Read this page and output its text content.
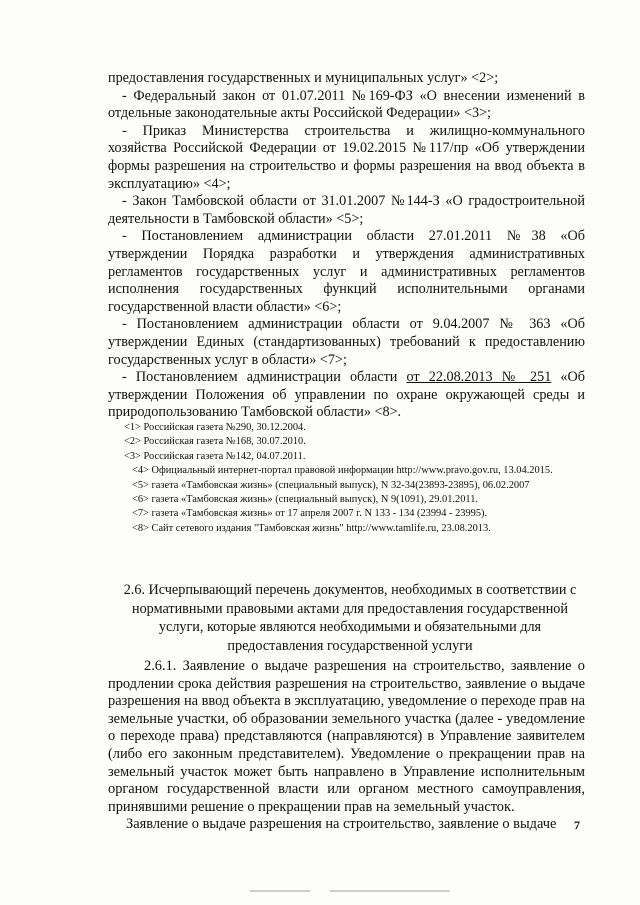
предоставления государственных и муниципальных услуг» <2>;

- Федеральный закон от 01.07.2011 №169-ФЗ «О внесении изменений в отдельные законодательные акты Российской Федерации» <3>;

- Приказ Министерства строительства и жилищно-коммунального хозяйства Российской Федерации от 19.02.2015 №117/пр «Об утверждении формы разрешения на строительство и формы разрешения на ввод объекта в эксплуатацию» <4>;

- Закон Тамбовской области от 31.01.2007 №144-З «О градостроительной деятельности в Тамбовской области» <5>;

- Постановлением администрации области 27.01.2011 №38 «Об утверждении Порядка разработки и утверждения административных регламентов государственных услуг и административных регламентов исполнения государственных функций исполнительными органами государственной власти области» <6>;

- Постановлением администрации области от 9.04.2007 № 363 «Об утверждении Единых (стандартизованных) требований к предоставлению государственных услуг в области» <7>;

- Постановлением администрации области от 22.08.2013 № 251 «Об утверждении Положения об управлении по охране окружающей среды и природопользованию Тамбовской области» <8>.

<1> Российская газета №290, 30.12.2004.

<2> Российская газета №168, 30.07.2010.

<3> Российская газета №142, 04.07.2011.

<4> Официальный интернет-портал правовой информации http://www.pravo.gov.ru, 13.04.2015.

<5> газета «Тамбовская жизнь» (специальный выпуск), N 32-34(23893-23895), 06.02.2007

<6> газета «Тамбовская жизнь» (специальный выпуск), N 9(1091), 29.01.2011.

<7> газета «Тамбовская жизнь» от 17 апреля 2007 г. N 133 - 134 (23994 - 23995).

<8> Сайт сетевого издания "Тамбовская жизнь" http://www.tamlife.ru, 23.08.2013.

2.6. Исчерпывающий перечень документов, необходимых в соответствии с нормативными правовыми актами для предоставления государственной услуги, которые являются необходимыми и обязательными для предоставления государственной услуги

2.6.1. Заявление о выдаче разрешения на строительство, заявление о продлении срока действия разрешения на строительство, заявление о выдаче разрешения на ввод объекта в эксплуатацию, уведомление о переходе прав на земельные участки, об образовании земельного участка (далее - уведомление о переходе права) представляются (направляются) в Управление заявителем (либо его законным представителем). Уведомление о прекращении прав на земельный участок может быть направлено в Управление исполнительным органом государственной власти или органом местного самоуправления, принявшими решение о прекращении прав на земельный участок.

Заявление о выдаче разрешения на строительство, заявление о выдаче	7
